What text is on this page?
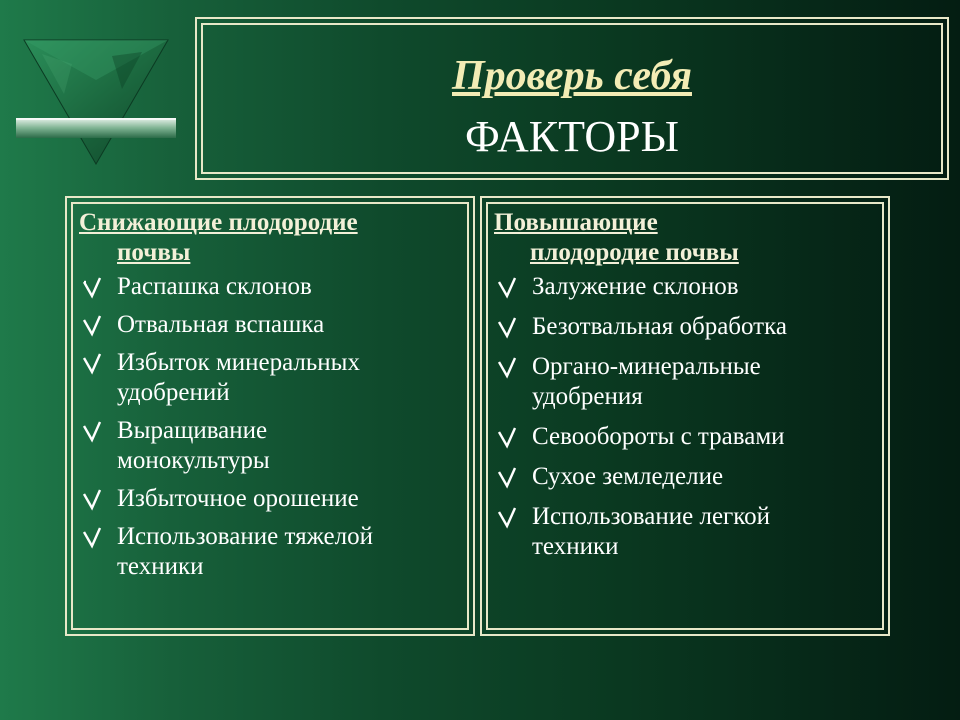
Проверь себя
ФАКТОРЫ
Снижающие плодородие
почвы
Распашка склонов
Отвальная вспашка
Избыток минеральных
удобрений
Выращивание
монокультуры
Избыточное орошение
Использование тяжелой
техники
Повышающие
плодородие почвы
Залужение склонов
Безотвальная обработка
Органо-минеральные
удобрения
Севообороты с травами
Сухое земледелие
Использование легкой
техники
